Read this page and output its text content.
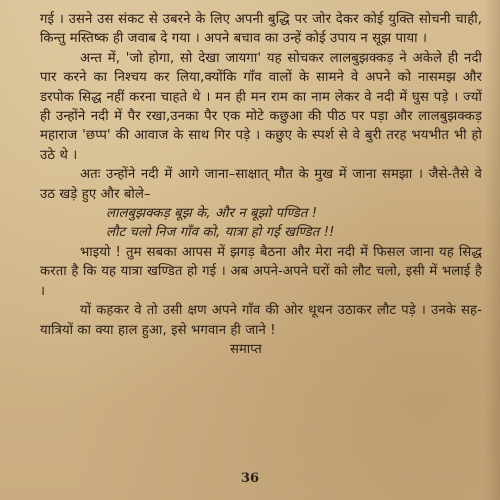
गई । उसने उस संकट से उबरने के लिए अपनी बुद्धि पर जोर देकर कोई युक्ति सोचनी चाही, किन्तु मस्तिष्क ही जवाब दे गया । अपने बचाव का उन्हें कोई उपाय न सूझ पाया ।

अन्त में, 'जो होगा, सो देखा जायगा' यह सोचकर लालबुझक्कड़ ने अकेले ही नदी पार करने का निश्चय कर लिया,क्योंकि गाँव वालों के सामने वे अपने को नासमझ और डरपोक सिद्ध नहीं करना चाहते थे । मन ही मन राम का नाम लेकर वे नदी में घुस पड़े । ज्यों ही उन्होंने नदी में पैर रखा,उनका पैर एक मोटे कछुआ की पीठ पर पड़ा और लालबुझक्कड़ महाराज 'छप्प' की आवाज के साथ गिर पड़े । कछुए के स्पर्श से वे बुरी तरह भयभीत भी हो उठे थे ।

अतः उन्होंने नदी में आगे जाना–साक्षात् मौत के मुख में जाना समझा । जैसे-तैसे वे उठ खड़े हुए और बोले–

लालबुझक्कड़ बूझ के, और न बूझो पण्डित !

लौट चलो निज गाँव को, यात्रा हो गई खण्डित !!

भाइयो ! तुम सबका आपस में झगड़ बैठना और मेरा नदी में फिसल जाना यह सिद्ध करता है कि यह यात्रा खण्डित हो गई । अब अपने-अपने घरों को लौट चलो, इसी में भलाई है ।

यों कहकर वे तो उसी क्षण अपने गाँव की ओर थूथन उठाकर लौट पड़े । उनके सह-यात्रियों का क्या हाल हुआ, इसे भगवान ही जाने !

समाप्त

36
